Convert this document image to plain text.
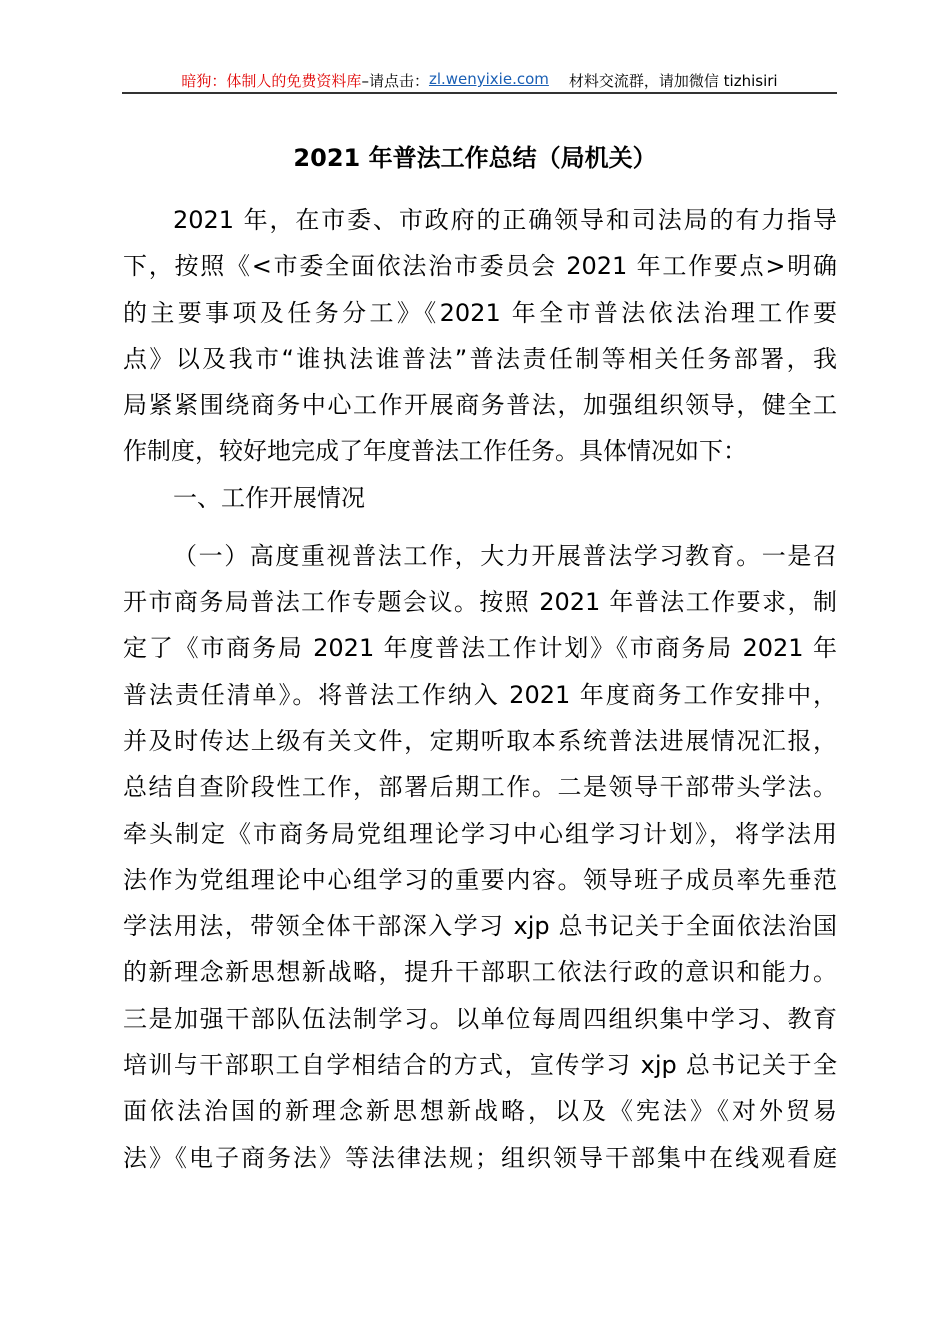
暗狗：体制人的免费资料库 –请点击： zl.wenyixie.com 材料交流群，请加微信 tizhisiri
2021 年普法工作总结（局机关）
2021 年，在市委、市政府的正确领导和司法局的有力指导
下，按照《<市委全面依法治市委员会 2021 年工作要点>明确
的主要事项及任务分工》《2021 年全市普法依法治理工作要
点》以及我市“谁执法谁普法”普法责任制等相关任务部署，我
局紧紧围绕商务中心工作开展商务普法，加强组织领导，健全工
作制度，较好地完成了年度普法工作任务。具体情况如下：
一、工作开展情况
（一）高度重视普法工作，大力开展普法学习教育。一是召
开市商务局普法工作专题会议。按照 2021 年普法工作要求，制
定了《市商务局 2021 年度普法工作计划》《市商务局 2021 年
普法责任清单》。将普法工作纳入 2021 年度商务工作安排中，
并及时传达上级有关文件，定期听取本系统普法进展情况汇报，
总结自查阶段性工作，部署后期工作。二是领导干部带头学法。
牵头制定《市商务局党组理论学习中心组学习计划》，将学法用
法作为党组理论中心组学习的重要内容。领导班子成员率先垂范
学法用法，带领全体干部深入学习 xjp 总书记关于全面依法治国
的新理念新思想新战略，提升干部职工依法行政的意识和能力。
三是加强干部队伍法制学习。以单位每周四组织集中学习、教育
培训与干部职工自学相结合的方式，宣传学习 xjp 总书记关于全
面依法治国的新理念新思想新战略，以及《宪法》《对外贸易
法》《电子商务法》等法律法规；组织领导干部集中在线观看庭
